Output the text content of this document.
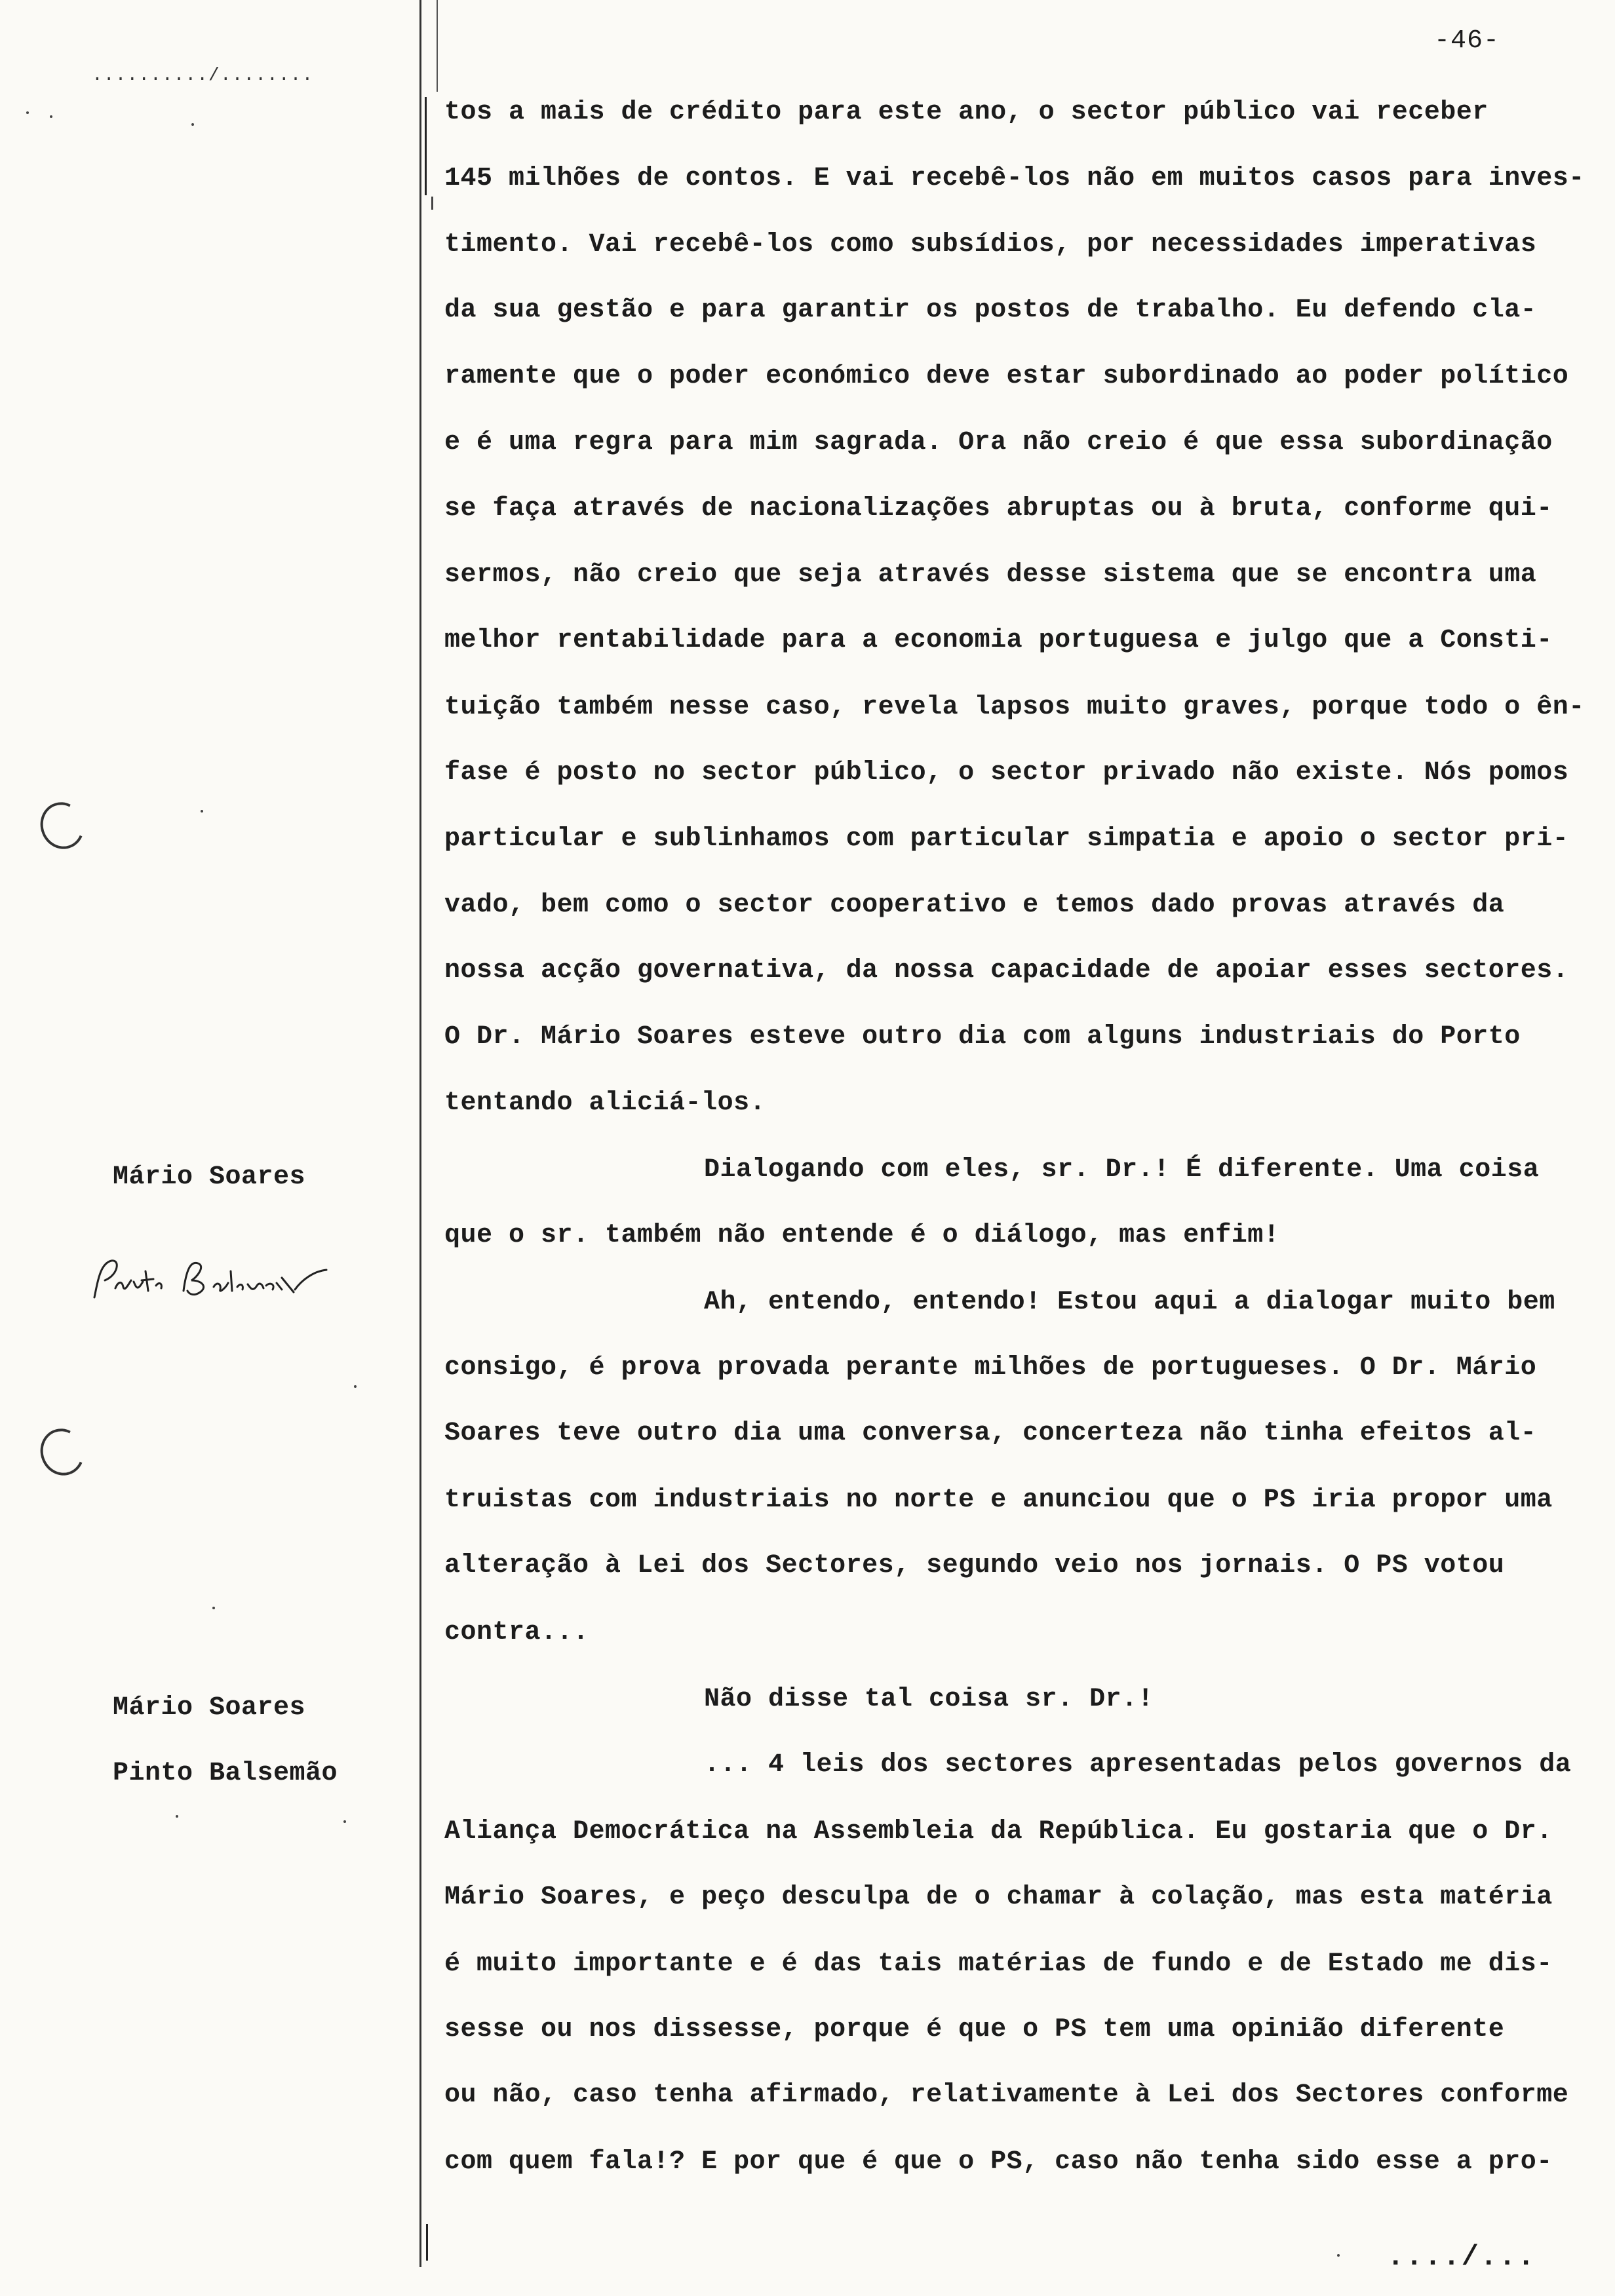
-46-
........../........
Mário Soares
Mário Soares
Pinto Balsemão
tos a mais de crédito para este ano, o sector público vai receber
145 milhões de contos. E vai recebê-los não em muitos casos para inves-
timento. Vai recebê-los como subsídios, por necessidades imperativas
da sua gestão e para garantir os postos de trabalho. Eu defendo cla-
ramente que o poder económico deve estar subordinado ao poder político
e é uma regra para mim sagrada. Ora não creio é que essa subordinação
se faça através de nacionalizações abruptas ou à bruta, conforme qui-
sermos, não creio que seja através desse sistema que se encontra uma
melhor rentabilidade para a economia portuguesa e julgo que a Consti-
tuição também nesse caso, revela lapsos muito graves, porque todo o ên-
fase é posto no sector público, o sector privado não existe. Nós pomos
particular e sublinhamos com particular simpatia e apoio o sector pri-
vado, bem como o sector cooperativo e temos dado provas através da
nossa acção governativa, da nossa capacidade de apoiar esses sectores.
O Dr. Mário Soares esteve outro dia com alguns industriais do Porto
tentando aliciá-los.
Dialogando com eles, sr. Dr.! É diferente. Uma coisa
que o sr. também não entende é o diálogo, mas enfim!
Ah, entendo, entendo! Estou aqui a dialogar muito bem
consigo, é prova provada perante milhões de portugueses. O Dr. Mário
Soares teve outro dia uma conversa, concerteza não tinha efeitos al-
truistas com industriais no norte e anunciou que o PS iria propor uma
alteração à Lei dos Sectores, segundo veio nos jornais. O PS votou
contra...
Não disse tal coisa sr. Dr.!
... 4 leis dos sectores apresentadas pelos governos da
Aliança Democrática na Assembleia da República. Eu gostaria que o Dr.
Mário Soares, e peço desculpa de o chamar à colação, mas esta matéria
é muito importante e é das tais matérias de fundo e de Estado me dis-
sesse ou nos dissesse, porque é que o PS tem uma opinião diferente
ou não, caso tenha afirmado, relativamente à Lei dos Sectores conforme
com quem fala!? E por que é que o PS, caso não tenha sido esse a pro-
..../...
